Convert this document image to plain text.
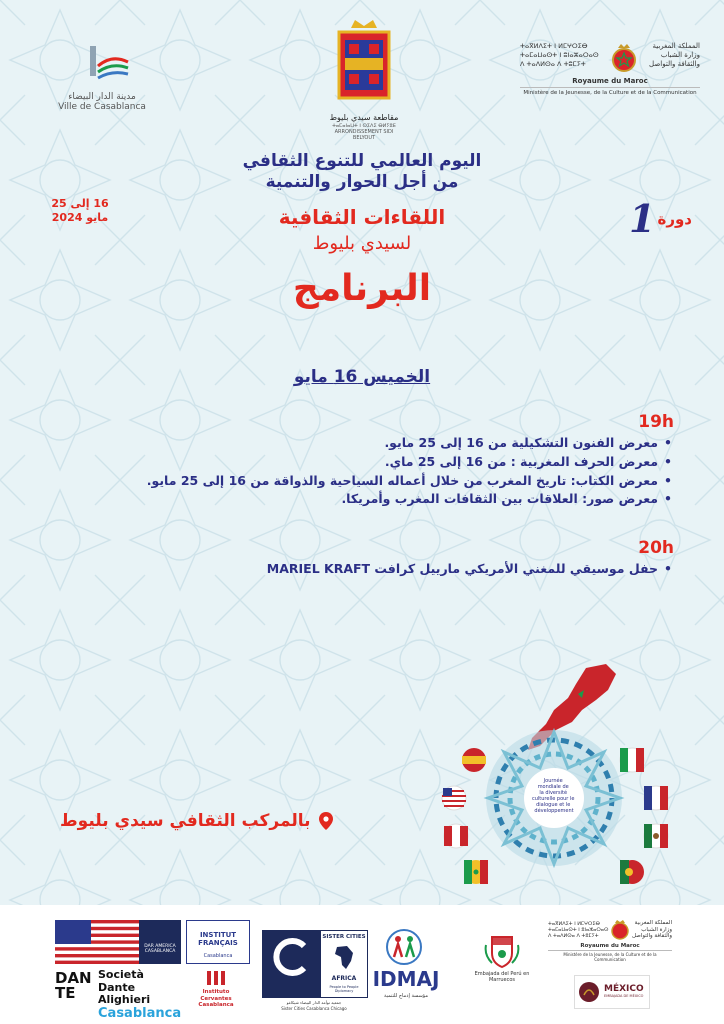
مدينة الدار البيضاء
Ville de Casablanca
مقاطعة سيدي بليوط
ⵜⴰⵎⴰⵏⴰⵡⵜ ⵏ ⵙⵉⴷⵉ ⴱⵍⵢⵓⴹ
ARRONDISSEMENT SIDI BELYOUT
ⵜⴰⴳⵍⴷⵉⵜ ⵏ ⵍⵎⵖⵔⵉⴱ
ⵜⴰⵎⴰⵡⴰⵙⵜ ⵏ ⵓⵏⴰⵣⴰⵔⴰⵙ
ⴷ ⵜⴰⴷⵍⵙⴰ ⴷ ⵜⵓⵎⵢⵜ
المملكة المغربية
وزارة الشباب
والثقافة والتواصل
Royaume du Maroc
Ministère de la Jeunesse, de la Culture et de la Communication
اليوم العالمي للتنوع الثقافي
من أجل الحوار والتنمية
اللقاءات الثقافية
لسيدي بليوط
البرنامج
16 إلى 25
مايو 2024	دورة
1
الخميس 16 مايو
19h
• معرض الفنون التشكيلية من 16 إلى 25 مايو.
• معرض الحرف المغربية : من 16 إلى 25 ماي.
• معرض الكتاب: تاريخ المغرب من خلال أعماله السياحية والذواقة من 16 إلى 25 مايو.
• معرض صور: العلاقات بين الثقافات المغرب وأمريكا.
20h
• حفل موسيقي للمغني الأمريكي مارييل كرافت MARIEL KRAFT
Journée mondiale de la diversité culturelle pour le dialogue et le développement
بالمركب الثقافي سيدي بليوط
DAR AMERICA CASABLANCA
INSTITUT FRANÇAIS
Casablanca
DAN TE
Società
Dante Alighieri
Casablanca
Instituto
Cervantes
Casablanca
SISTER CITIES
AFRICA
People to People Diplomacy
جمعية توأمة الدار البيضاء شيكاغو
Sister Cities Casablanca Chicago
IDMAJ
مؤسسة إدماج للتنمية
Embajada del Perú en Marruecos
ⵜⴰⴳⵍⴷⵉⵜ ⵏ ⵍⵎⵖⵔⵉⴱ
ⵜⴰⵎⴰⵡⴰⵙⵜ ⵏ ⵓⵏⴰⵣⴰⵔⴰⵙ
ⴷ ⵜⴰⴷⵍⵙⴰ ⴷ ⵜⵓⵎⵢⵜ
المملكة المغربية
وزارة الشباب
والثقافة والتواصل
Royaume du Maroc
Ministère de la Jeunesse, de la Culture et de la Communication
MÉXICO
EMBAJADA DE MÉXICO
